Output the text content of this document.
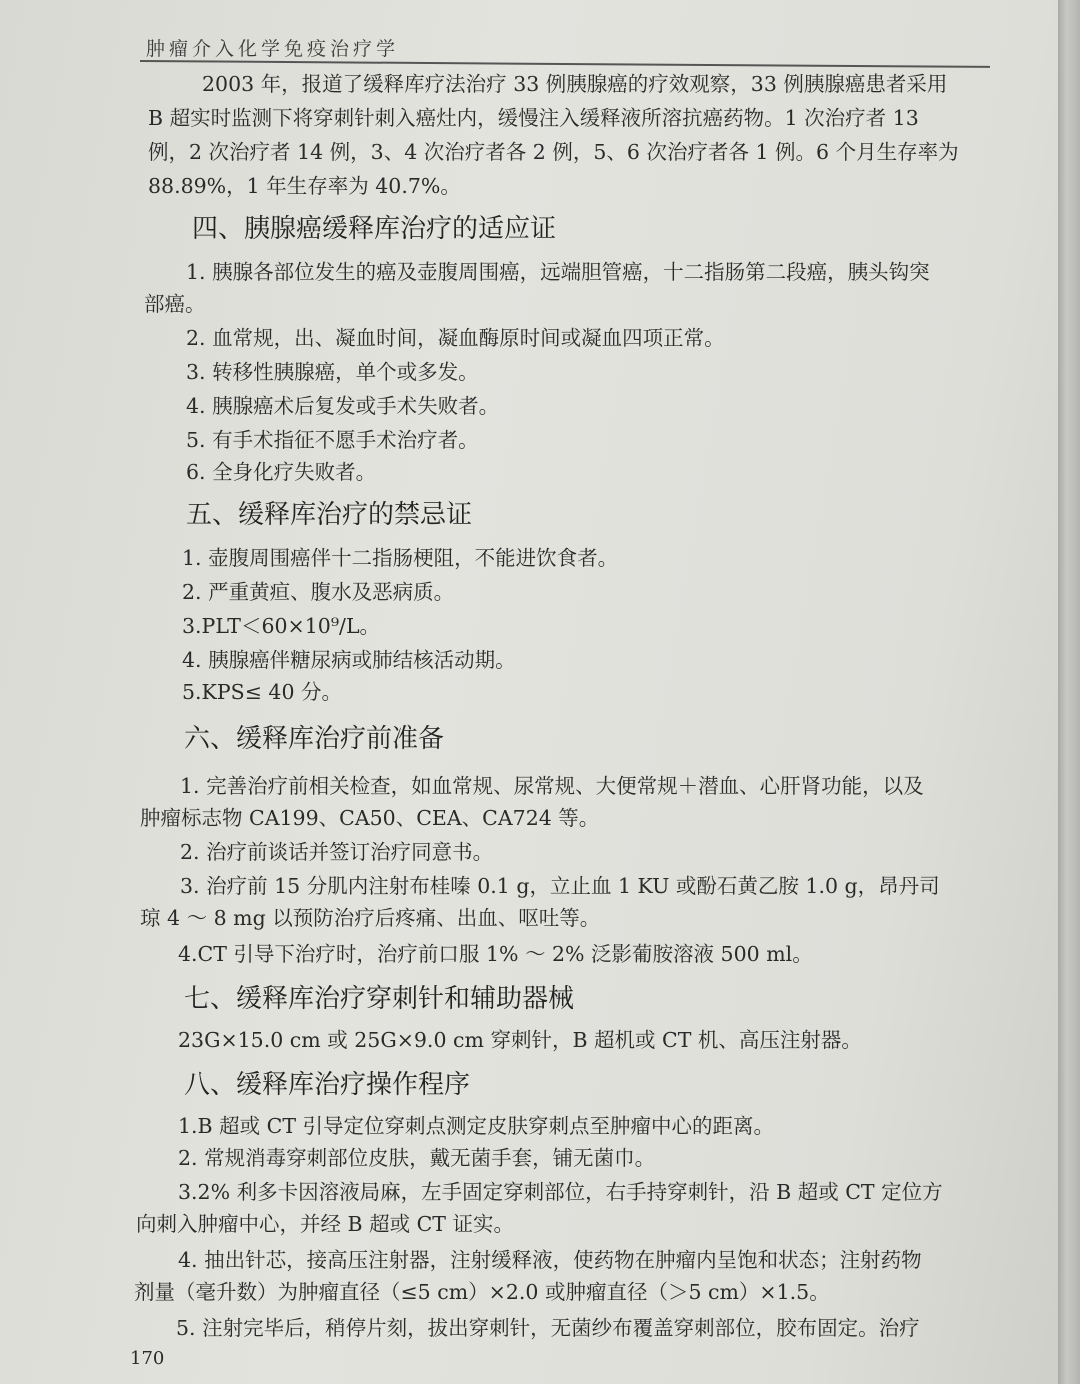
肿瘤介入化学免疫治疗学
2003 年，报道了缓释库疗法治疗 33 例胰腺癌的疗效观察，33 例胰腺癌患者采用
B 超实时监测下将穿刺针刺入癌灶内，缓慢注入缓释液所溶抗癌药物。1 次治疗者 13
例，2 次治疗者 14 例，3、4 次治疗者各 2 例，5、6 次治疗者各 1 例。6 个月生存率为
88.89%，1 年生存率为 40.7%。
四、胰腺癌缓释库治疗的适应证
1. 胰腺各部位发生的癌及壶腹周围癌，远端胆管癌，十二指肠第二段癌，胰头钩突
部癌。
2. 血常规，出、凝血时间，凝血酶原时间或凝血四项正常。
3. 转移性胰腺癌，单个或多发。
4. 胰腺癌术后复发或手术失败者。
5. 有手术指征不愿手术治疗者。
6. 全身化疗失败者。
五、缓释库治疗的禁忌证
1. 壶腹周围癌伴十二指肠梗阻，不能进饮食者。
2. 严重黄疸、腹水及恶病质。
3.PLT＜60×10⁹/L。
4. 胰腺癌伴糖尿病或肺结核活动期。
5.KPS≤ 40 分。
六、缓释库治疗前准备
1. 完善治疗前相关检查，如血常规、尿常规、大便常规＋潜血、心肝肾功能，以及
肿瘤标志物 CA199、CA50、CEA、CA724 等。
2. 治疗前谈话并签订治疗同意书。
3. 治疗前 15 分肌内注射布桂嗪 0.1 g，立止血 1 KU 或酚石黄乙胺 1.0 g，昂丹司
琼 4 ～ 8 mg 以预防治疗后疼痛、出血、呕吐等。
4.CT 引导下治疗时，治疗前口服 1% ～ 2% 泛影葡胺溶液 500 ml。
七、缓释库治疗穿刺针和辅助器械
23G×15.0 cm 或 25G×9.0 cm 穿刺针，B 超机或 CT 机、高压注射器。
八、缓释库治疗操作程序
1.B 超或 CT 引导定位穿刺点测定皮肤穿刺点至肿瘤中心的距离。
2. 常规消毒穿刺部位皮肤，戴无菌手套，铺无菌巾。
3.2% 利多卡因溶液局麻，左手固定穿刺部位，右手持穿刺针，沿 B 超或 CT 定位方
向刺入肿瘤中心，并经 B 超或 CT 证实。
4. 抽出针芯，接高压注射器，注射缓释液，使药物在肿瘤内呈饱和状态；注射药物
剂量（毫升数）为肿瘤直径（≤5 cm）×2.0 或肿瘤直径（＞5 cm）×1.5。
5. 注射完毕后，稍停片刻，拔出穿刺针，无菌纱布覆盖穿刺部位，胶布固定。治疗
170
